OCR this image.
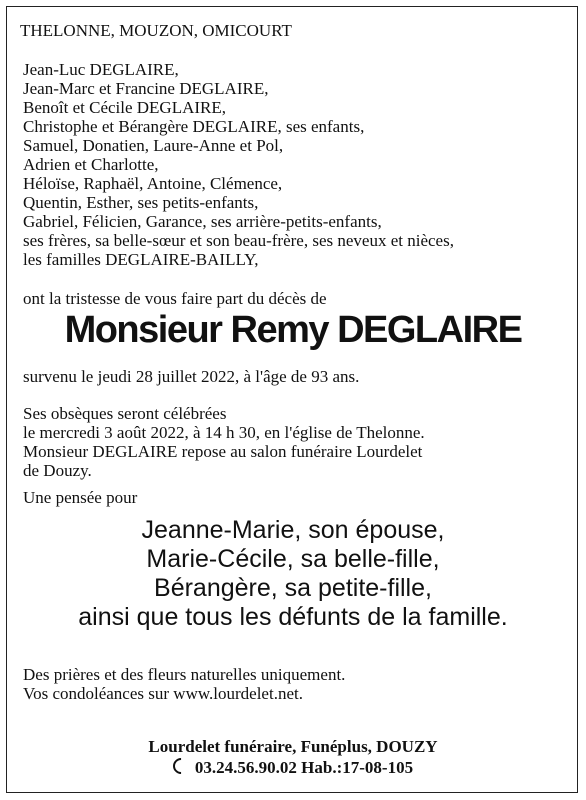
THELONNE, MOUZON, OMICOURT
Jean-Luc DEGLAIRE,
Jean-Marc et Francine DEGLAIRE,
Benoît et Cécile DEGLAIRE,
Christophe et Bérangère DEGLAIRE, ses enfants,
Samuel, Donatien, Laure-Anne et Pol,
Adrien et Charlotte,
Héloïse, Raphaël, Antoine, Clémence,
Quentin, Esther, ses petits-enfants,
Gabriel, Félicien, Garance, ses arrière-petits-enfants,
ses frères, sa belle-sœur et son beau-frère, ses neveux et nièces,
les familles DEGLAIRE-BAILLY,
ont la tristesse de vous faire part du décès de
Monsieur Remy DEGLAIRE
survenu le jeudi 28 juillet 2022, à l'âge de 93 ans.
Ses obsèques seront célébrées
le mercredi 3 août 2022, à 14 h 30, en l'église de Thelonne.
Monsieur DEGLAIRE repose au salon funéraire Lourdelet
de Douzy.
Une pensée pour
Jeanne-Marie, son épouse,
Marie-Cécile, sa belle-fille,
Bérangère, sa petite-fille,
ainsi que tous les défunts de la famille.
Des prières et des fleurs naturelles uniquement.
Vos condoléances sur www.lourdelet.net.
Lourdelet funéraire, Funéplus, DOUZY
03.24.56.90.02 Hab.:17-08-105
